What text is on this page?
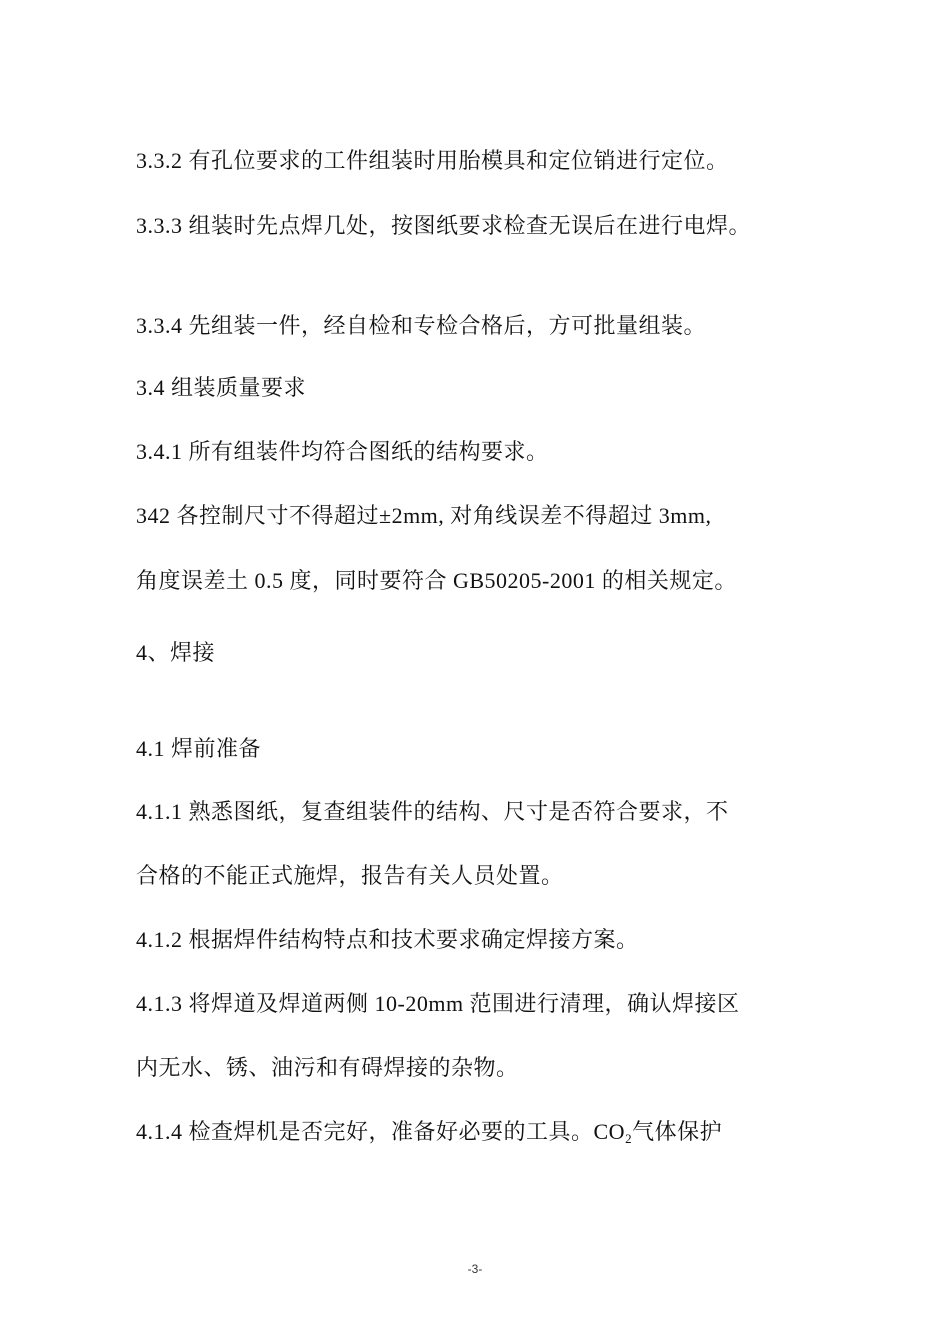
3.3.2 有孔位要求的工件组装时用胎模具和定位销进行定位。
3.3.3 组装时先点焊几处，按图纸要求检查无误后在进行电焊。
3.3.4 先组装一件，经自检和专检合格后，方可批量组装。
3.4 组装质量要求
3.4.1 所有组装件均符合图纸的结构要求。
342 各控制尺寸不得超过±2mm, 对角线误差不得超过 3mm,
角度误差土 0.5 度，同时要符合 GB50205-2001 的相关规定。
4、焊接
4.1 焊前准备
4.1.1 熟悉图纸，复查组装件的结构、尺寸是否符合要求，不
合格的不能正式施焊，报告有关人员处置。
4.1.2 根据焊件结构特点和技术要求确定焊接方案。
4.1.3 将焊道及焊道两侧 10-20mm 范围进行清理，确认焊接区
内无水、锈、油污和有碍焊接的杂物。
4.1.4 检查焊机是否完好，准备好必要的工具。$CO_2$气体保护
-3-
